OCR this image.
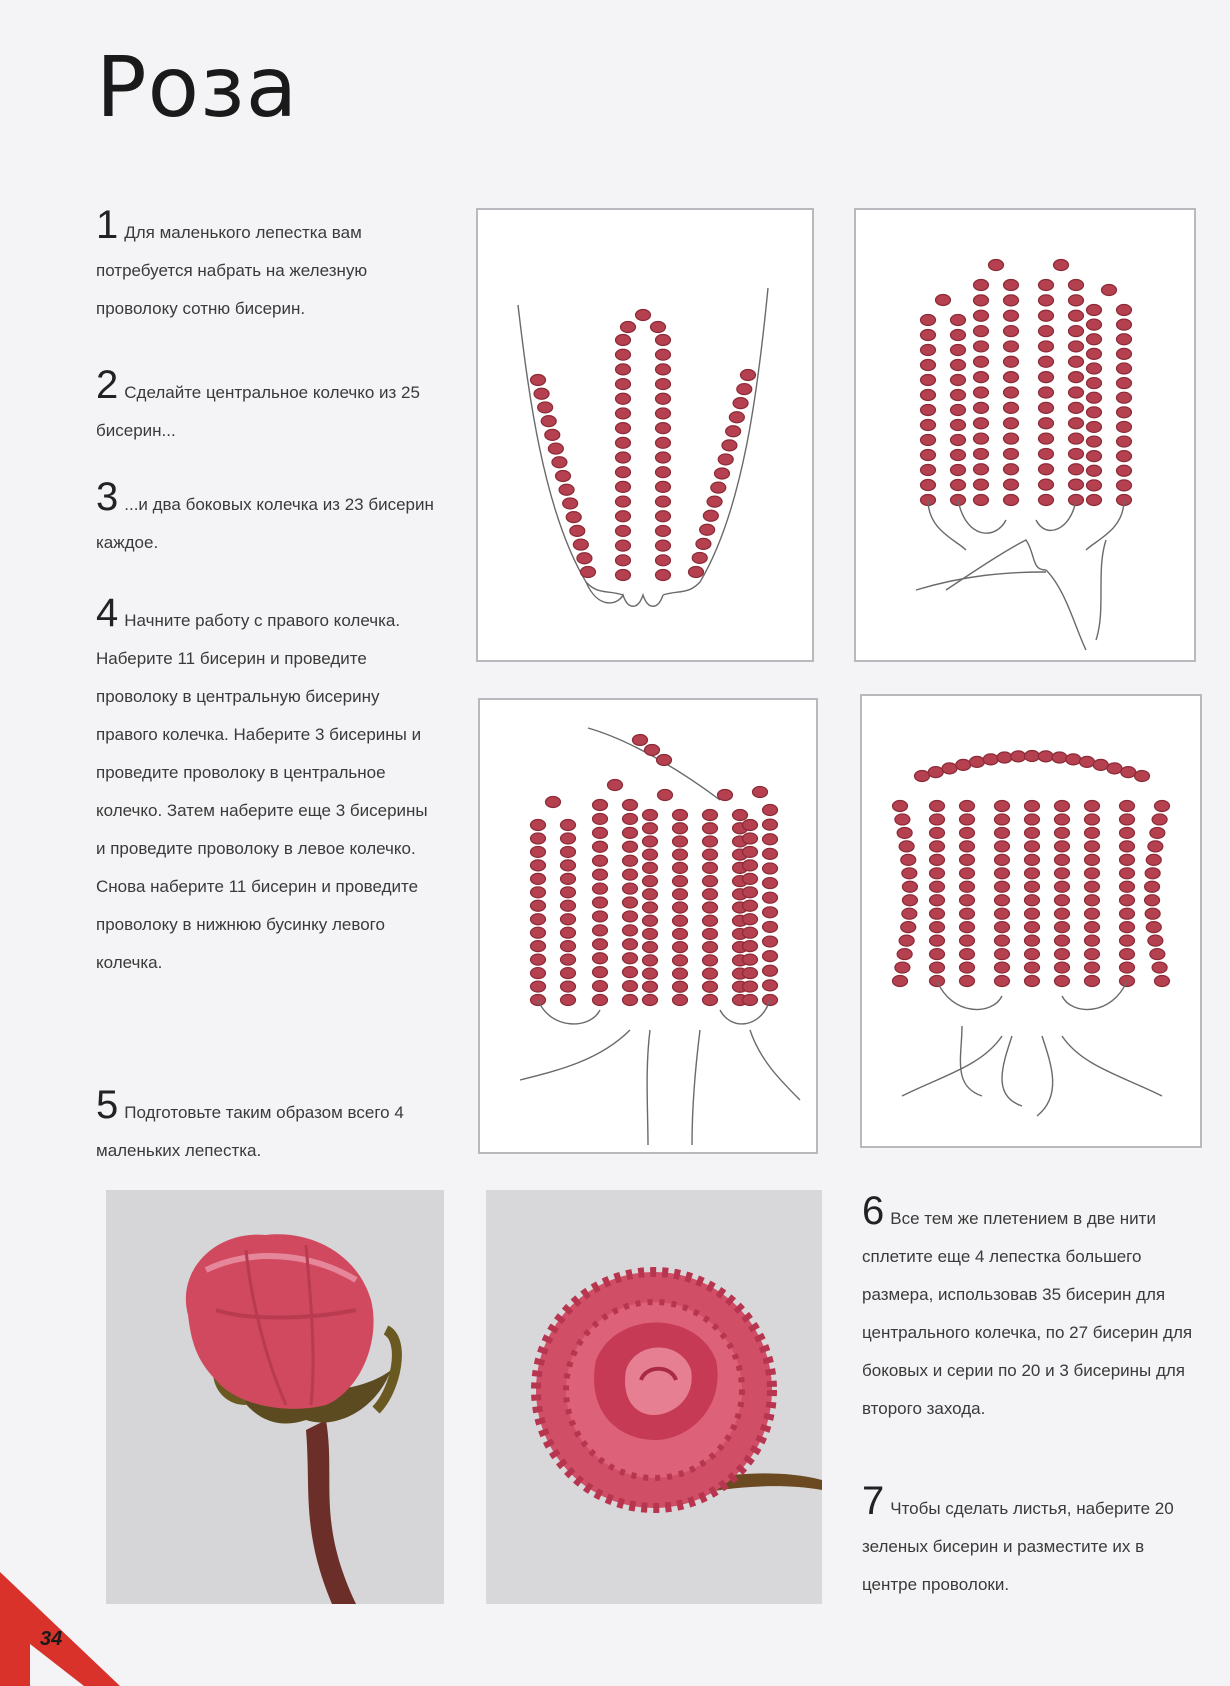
Роза
1 Для маленького лепестка вам потребуется набрать на железную проволоку сотню бисерин.
2 Сделайте центральное колечко из 25 бисерин...
3 ...и два боковых колечка из 23 бисерин каждое.
4 Начните работу с правого колечка. Наберите 11 бисерин и проведите проволоку в центральную бисерину правого колечка. Наберите 3 бисерины и проведите проволоку в центральное колечко. Затем наберите еще 3 бисерины и проведите проволоку в левое колечко. Снова наберите 11 бисерин и проведите проволоку в нижнюю бусинку левого колечка.
5 Подготовьте таким образом всего 4 маленьких лепестка.
6 Все тем же плетением в две нити сплетите еще 4 лепестка большего размера, использовав 35 бисерин для центрального колечка, по 27 бисерин для боковых и серии по 20 и 3 бисерины для второго захода.
7 Чтобы сделать листья, наберите 20 зеленых бисерин и разместите их в центре проволоки.
34
